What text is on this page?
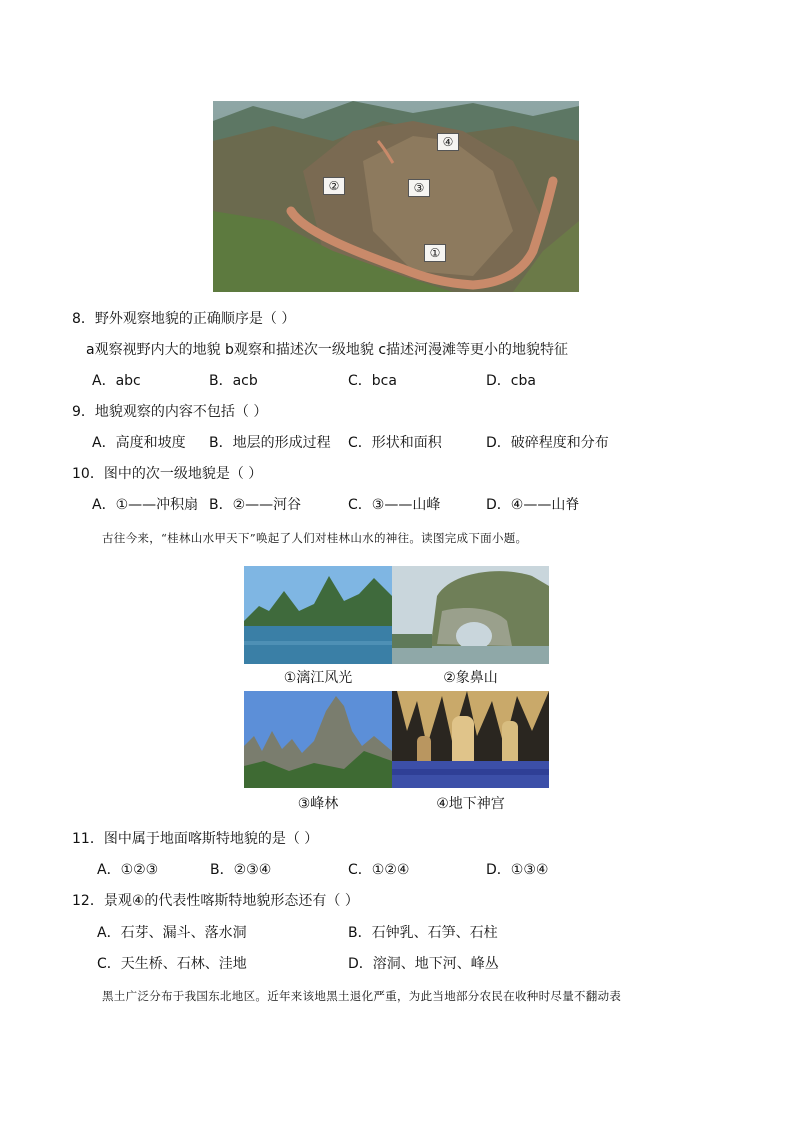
④
②	③
①
8．野外观察地貌的正确顺序是（ ）
a观察视野内大的地貌 b观察和描述次一级地貌 c描述河漫滩等更小的地貌特征
A．abc	B．acb	C．bca	D．cba
9．地貌观察的内容不包括（ ）
A．高度和坡度 B．地层的形成过程 C．形状和面积	D．破碎程度和分布
10．图中的次一级地貌是（ ）
A．①——冲积扇 B．②——河谷	C．③——山峰	D．④——山脊
古往今来，“桂林山水甲天下”唤起了人们对桂林山水的神往。读图完成下面小题。
①漓江风光	②象鼻山
③峰林	④地下神宫
11．图中属于地面喀斯特地貌的是（ ）
A．①②③	B．②③④	C．①②④	D．①③④
12．景观④的代表性喀斯特地貌形态还有（ ）
A．石芽、漏斗、落水洞	B．石钟乳、石笋、石柱
C．天生桥、石林、洼地	D．溶洞、地下河、峰丛
黑土广泛分布于我国东北地区。近年来该地黑土退化严重，为此当地部分农民在收种时尽量不翻动表
